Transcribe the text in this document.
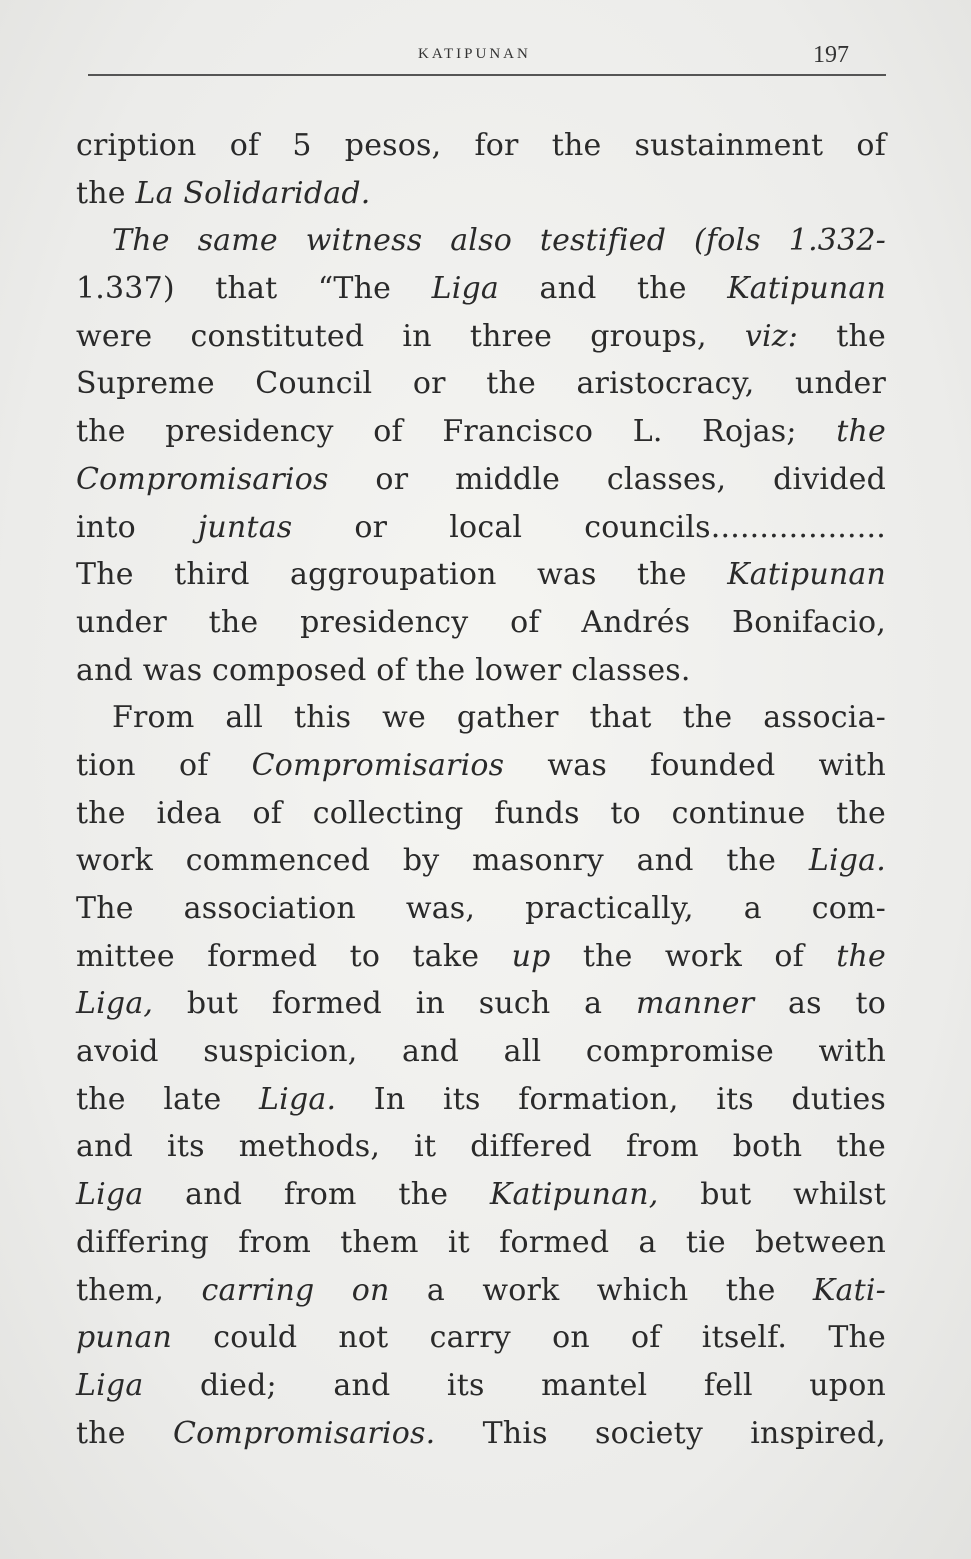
KATIPUNAN	197
cription of 5 pesos, for the sustainment of
the La Solidaridad.
The same witness also testified (fols 1.332-
1.337) that “The Liga and the Katipunan
were constituted in three groups, viz: the
Supreme Council or the aristocracy, under
the presidency of Francisco L. Rojas; the
Compromisarios or middle classes, divided
into juntas or local councils..................
The third aggroupation was the Katipunan
under the presidency of Andrés Bonifacio,
and was composed of the lower classes.
From all this we gather that the associa-
tion of Compromisarios was founded with
the idea of collecting funds to continue the
work commenced by masonry and the Liga.
The association was, practically, a com-
mittee formed to take up the work of the
Liga, but formed in such a manner as to
avoid suspicion, and all compromise with
the late Liga. In its formation, its duties
and its methods, it differed from both the
Liga and from the Katipunan, but whilst
differing from them it formed a tie between
them, carring on a work which the Kati-
punan could not carry on of itself. The
Liga died; and its mantel fell upon
the Compromisarios. This society inspired,
